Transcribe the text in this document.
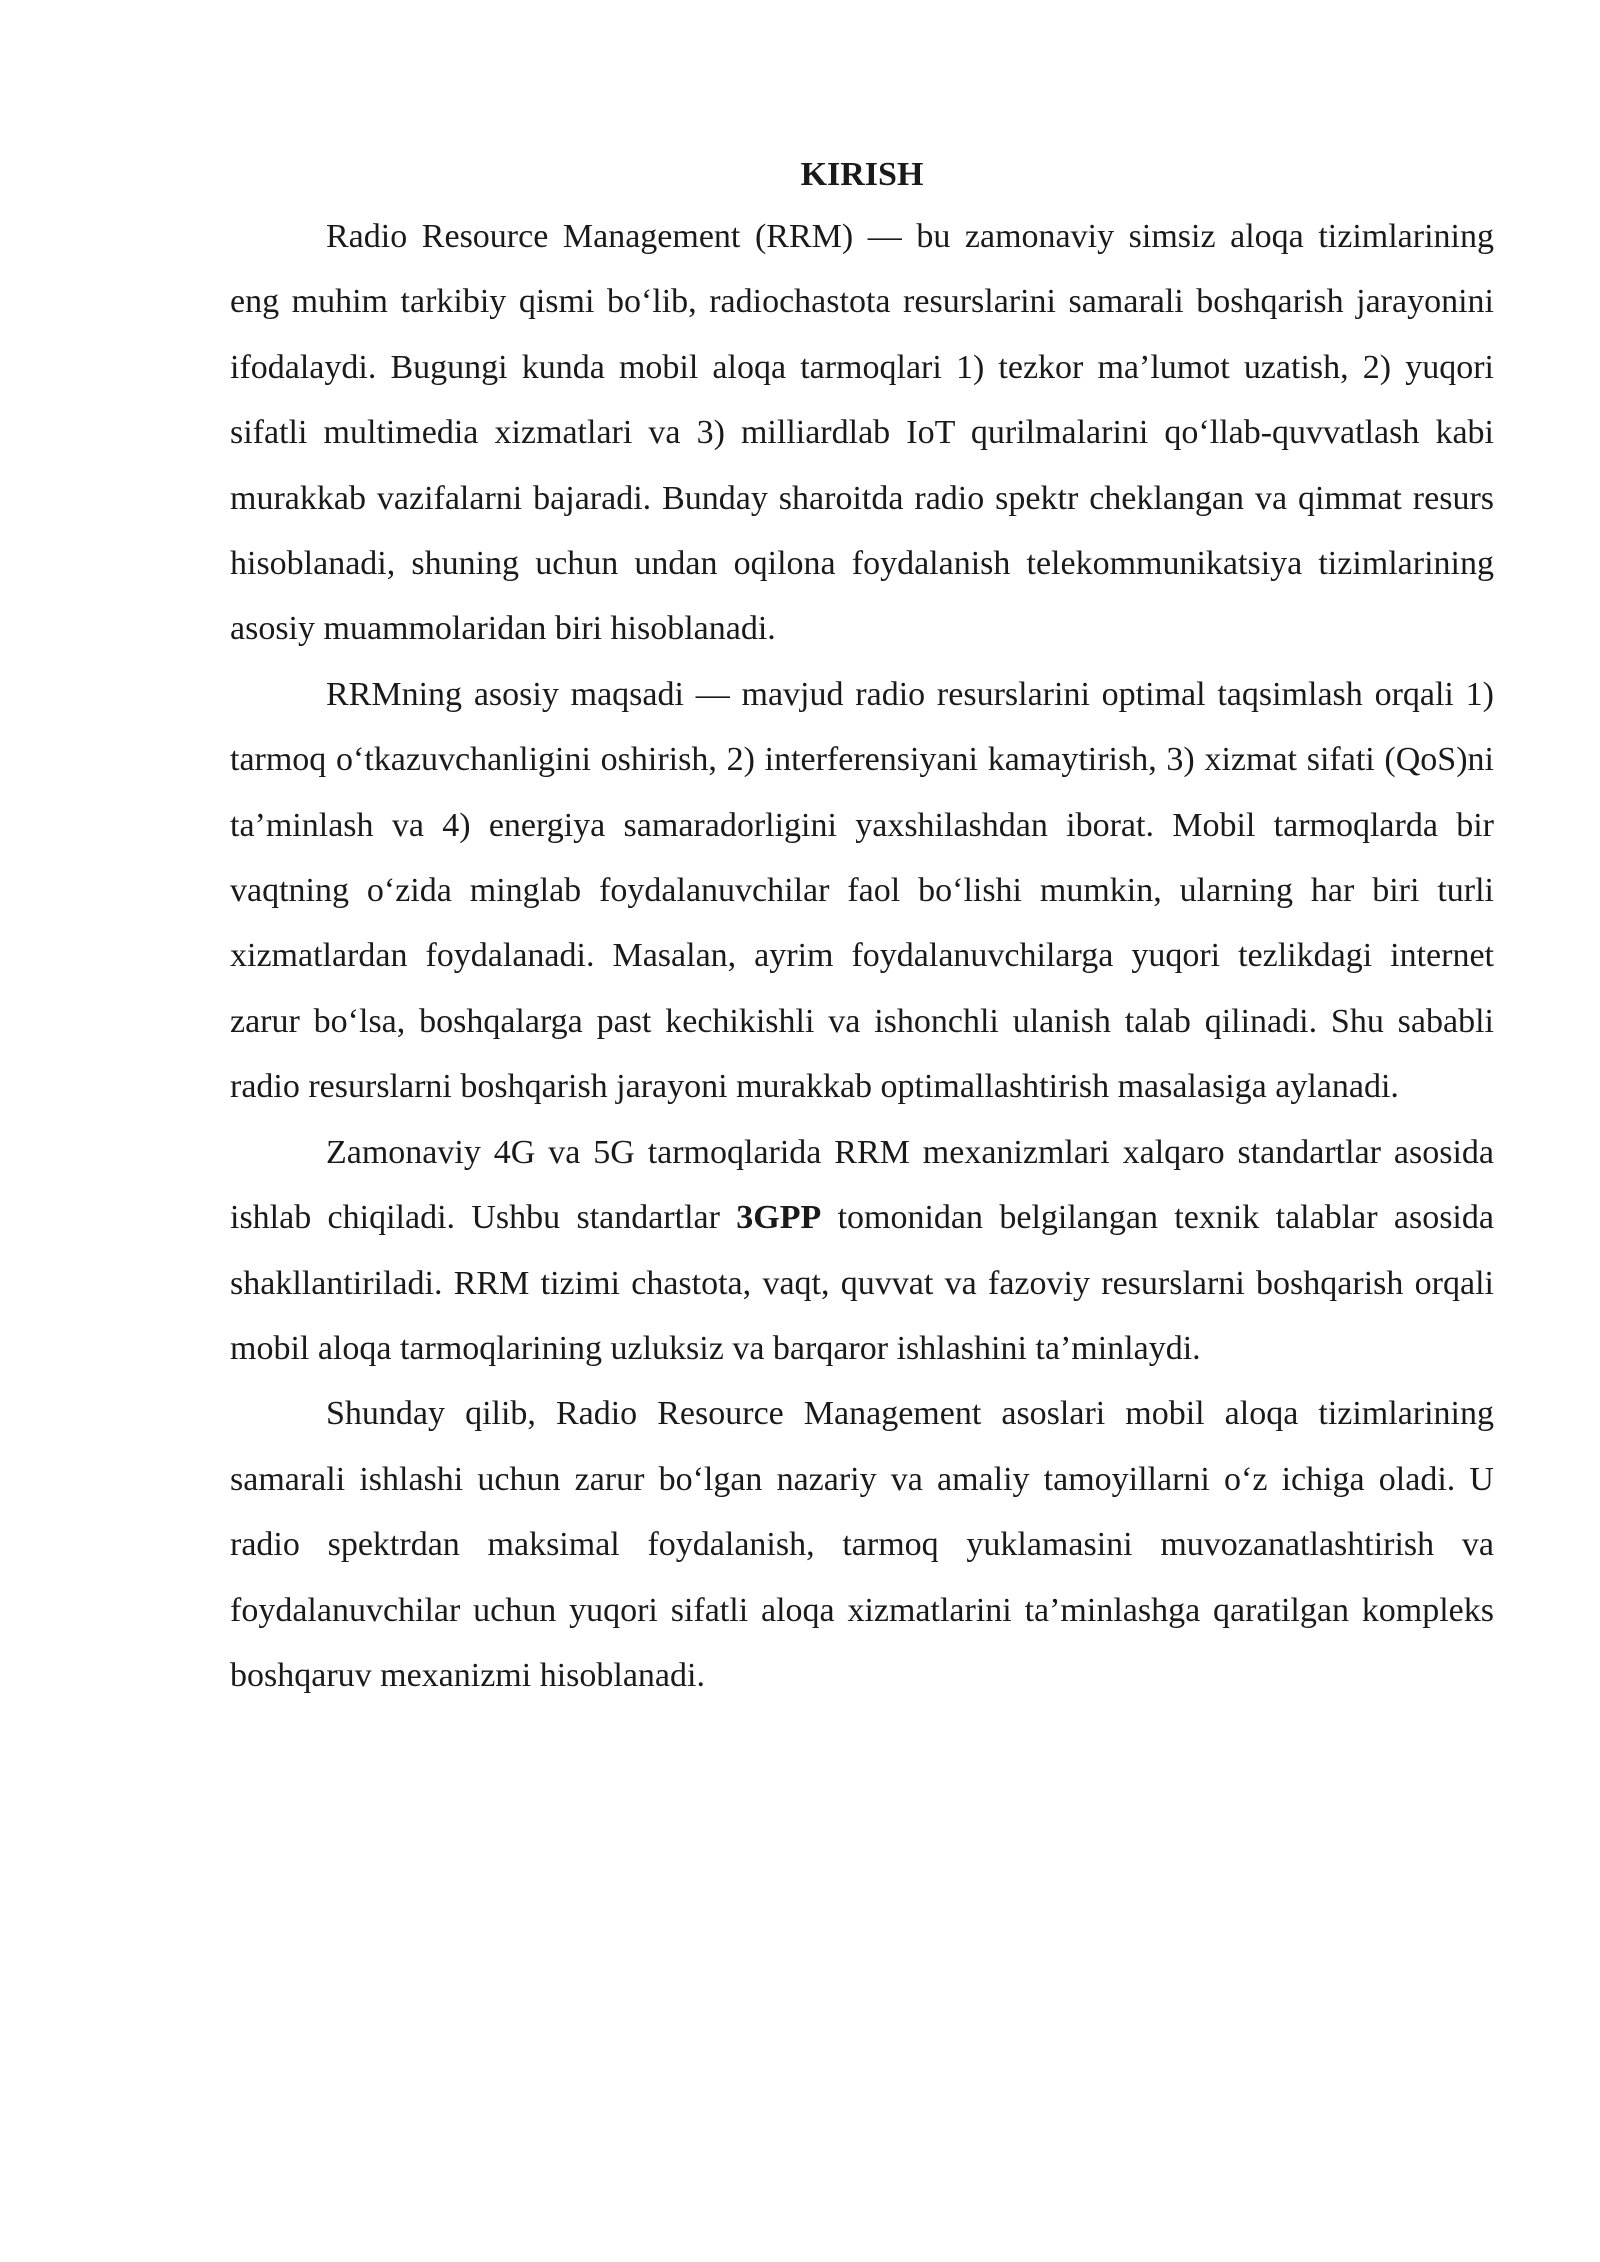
KIRISH

Radio Resource Management (RRM) — bu zamonaviy simsiz aloqa tizimlarining eng muhim tarkibiy qismi bo‘lib, radiochastota resurslarini samarali boshqarish jarayonini ifodalaydi. Bugungi kunda mobil aloqa tarmoqlari 1) tezkor ma’lumot uzatish, 2) yuqori sifatli multimedia xizmatlari va 3) milliardlab IoT qurilmalarini qo‘llab-quvvatlash kabi murakkab vazifalarni bajaradi. Bunday sharoitda radio spektr cheklangan va qimmat resurs hisoblanadi, shuning uchun undan oqilona foydalanish telekommunikatsiya tizimlarining asosiy muammolaridan biri hisoblanadi.

RRMning asosiy maqsadi — mavjud radio resurslarini optimal taqsimlash orqali 1) tarmoq o‘tkazuvchanligini oshirish, 2) interferensiyani kamaytirish, 3) xizmat sifati (QoS)ni ta’minlash va 4) energiya samaradorligini yaxshilashdan iborat. Mobil tarmoqlarda bir vaqtning o‘zida minglab foydalanuvchilar faol bo‘lishi mumkin, ularning har biri turli xizmatlardan foydalanadi. Masalan, ayrim foydalanuvchilarga yuqori tezlikdagi internet zarur bo‘lsa, boshqalarga past kechikishli va ishonchli ulanish talab qilinadi. Shu sababli radio resurslarni boshqarish jarayoni murakkab optimallashtirish masalasiga aylanadi.

Zamonaviy 4G va 5G tarmoqlarida RRM mexanizmlari xalqaro standartlar asosida ishlab chiqiladi. Ushbu standartlar 3GPP tomonidan belgilangan texnik talablar asosida shakllantiriladi. RRM tizimi chastota, vaqt, quvvat va fazoviy resurslarni boshqarish orqali mobil aloqa tarmoqlarining uzluksiz va barqaror ishlashini ta’minlaydi.

Shunday qilib, Radio Resource Management asoslari mobil aloqa tizimlarining samarali ishlashi uchun zarur bo‘lgan nazariy va amaliy tamoyillarni o‘z ichiga oladi. U radio spektrdan maksimal foydalanish, tarmoq yuklamasini muvozanatlashtirish va foydalanuvchilar uchun yuqori sifatli aloqa xizmatlarini ta’minlashga qaratilgan kompleks boshqaruv mexanizmi hisoblanadi.
